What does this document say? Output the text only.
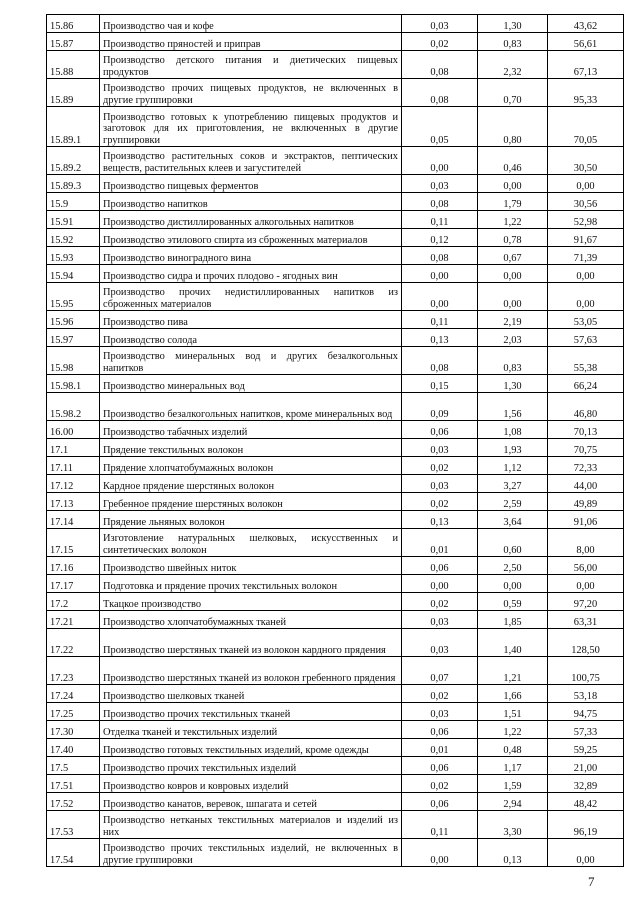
15.86	Производство чая и кофе	0,03	1,30	43,62
15.87	Производство пряностей и приправ	0,02	0,83	56,61
15.88	Производство детского питания и диетических пищевых продуктов	0,08	2,32	67,13
15.89	Производство прочих пищевых продуктов, не включенных в другие группировки	0,08	0,70	95,33
15.89.1	Производство готовых к употреблению пищевых продуктов и заготовок для их приготовления, не включенных в другие группировки	0,05	0,80	70,05
15.89.2	Производство растительных соков и экстрактов, пептических веществ, растительных клеев и загустителей	0,00	0,46	30,50
15.89.3	Производство пищевых ферментов	0,03	0,00	0,00
15.9	Производство напитков	0,08	1,79	30,56
15.91	Производство дистиллированных алкогольных напитков	0,11	1,22	52,98
15.92	Производство этилового спирта из сброженных материалов	0,12	0,78	91,67
15.93	Производство виноградного вина	0,08	0,67	71,39
15.94	Производство сидра и прочих плодово - ягодных вин	0,00	0,00	0,00
15.95	Производство прочих недистиллированных напитков из сброженных материалов	0,00	0,00	0,00
15.96	Производство пива	0,11	2,19	53,05
15.97	Производство солода	0,13	2,03	57,63
15.98	Производство минеральных вод и других безалкогольных напитков	0,08	0,83	55,38
15.98.1	Производство минеральных вод	0,15	1,30	66,24
15.98.2	Производство безалкогольных напитков, кроме минеральных вод	0,09	1,56	46,80
16.00	Производство табачных изделий	0,06	1,08	70,13
17.1	Прядение текстильных волокон	0,03	1,93	70,75
17.11	Прядение хлопчатобумажных волокон	0,02	1,12	72,33
17.12	Кардное прядение шерстяных волокон	0,03	3,27	44,00
17.13	Гребенное прядение шерстяных волокон	0,02	2,59	49,89
17.14	Прядение льняных волокон	0,13	3,64	91,06
17.15	Изготовление натуральных шелковых, искусственных и синтетических волокон	0,01	0,60	8,00
17.16	Производство швейных ниток	0,06	2,50	56,00
17.17	Подготовка и прядение прочих текстильных волокон	0,00	0,00	0,00
17.2	Ткацкое производство	0,02	0,59	97,20
17.21	Производство хлопчатобумажных тканей	0,03	1,85	63,31
17.22	Производство шерстяных тканей из волокон кардного прядения	0,03	1,40	128,50
17.23	Производство шерстяных тканей из волокон гребенного прядения	0,07	1,21	100,75
17.24	Производство шелковых тканей	0,02	1,66	53,18
17.25	Производство прочих текстильных тканей	0,03	1,51	94,75
17.30	Отделка тканей и текстильных изделий	0,06	1,22	57,33
17.40	Производство готовых текстильных изделий, кроме одежды	0,01	0,48	59,25
17.5	Производство прочих текстильных изделий	0,06	1,17	21,00
17.51	Производство ковров и ковровых изделий	0,02	1,59	32,89
17.52	Производство канатов, веревок, шпагата и сетей	0,06	2,94	48,42
17.53	Производство нетканых текстильных материалов и изделий из них	0,11	3,30	96,19
17.54	Производство прочих текстильных изделий, не включенных в другие группировки	0,00	0,13	0,00
7
